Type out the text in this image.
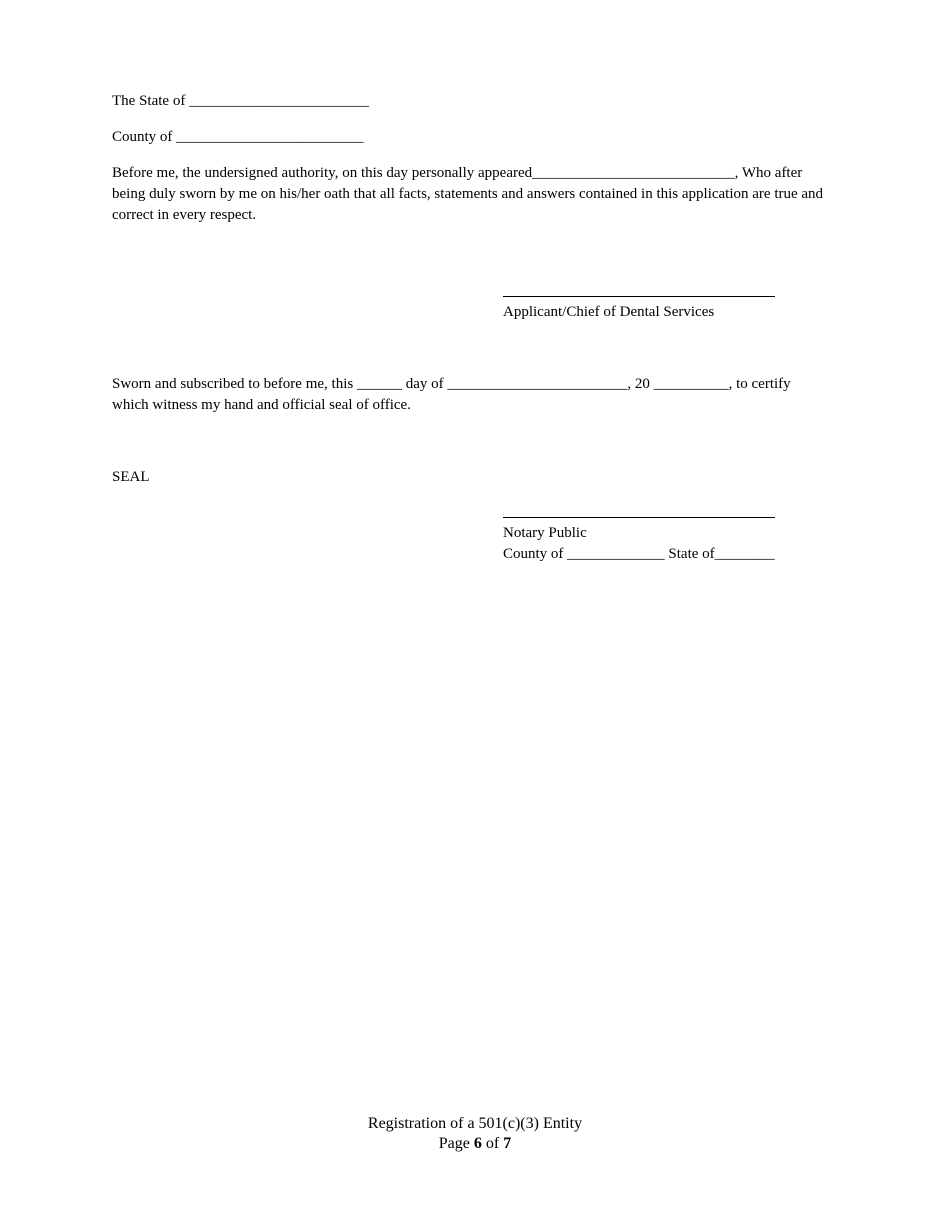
The State of ________________________
County of _________________________
Before me, the undersigned authority, on this day personally appeared___________________________, Who after being duly sworn by me on his/her oath that all facts, statements and answers contained in this application are true and correct in every respect.
Applicant/Chief of Dental Services
Sworn and subscribed to before me, this ______ day of ________________________, 20 __________, to certify which witness my hand and official seal of office.
SEAL
Notary Public
County of _____________ State of________
Registration of a 501(c)(3) Entity
Page 6 of 7
